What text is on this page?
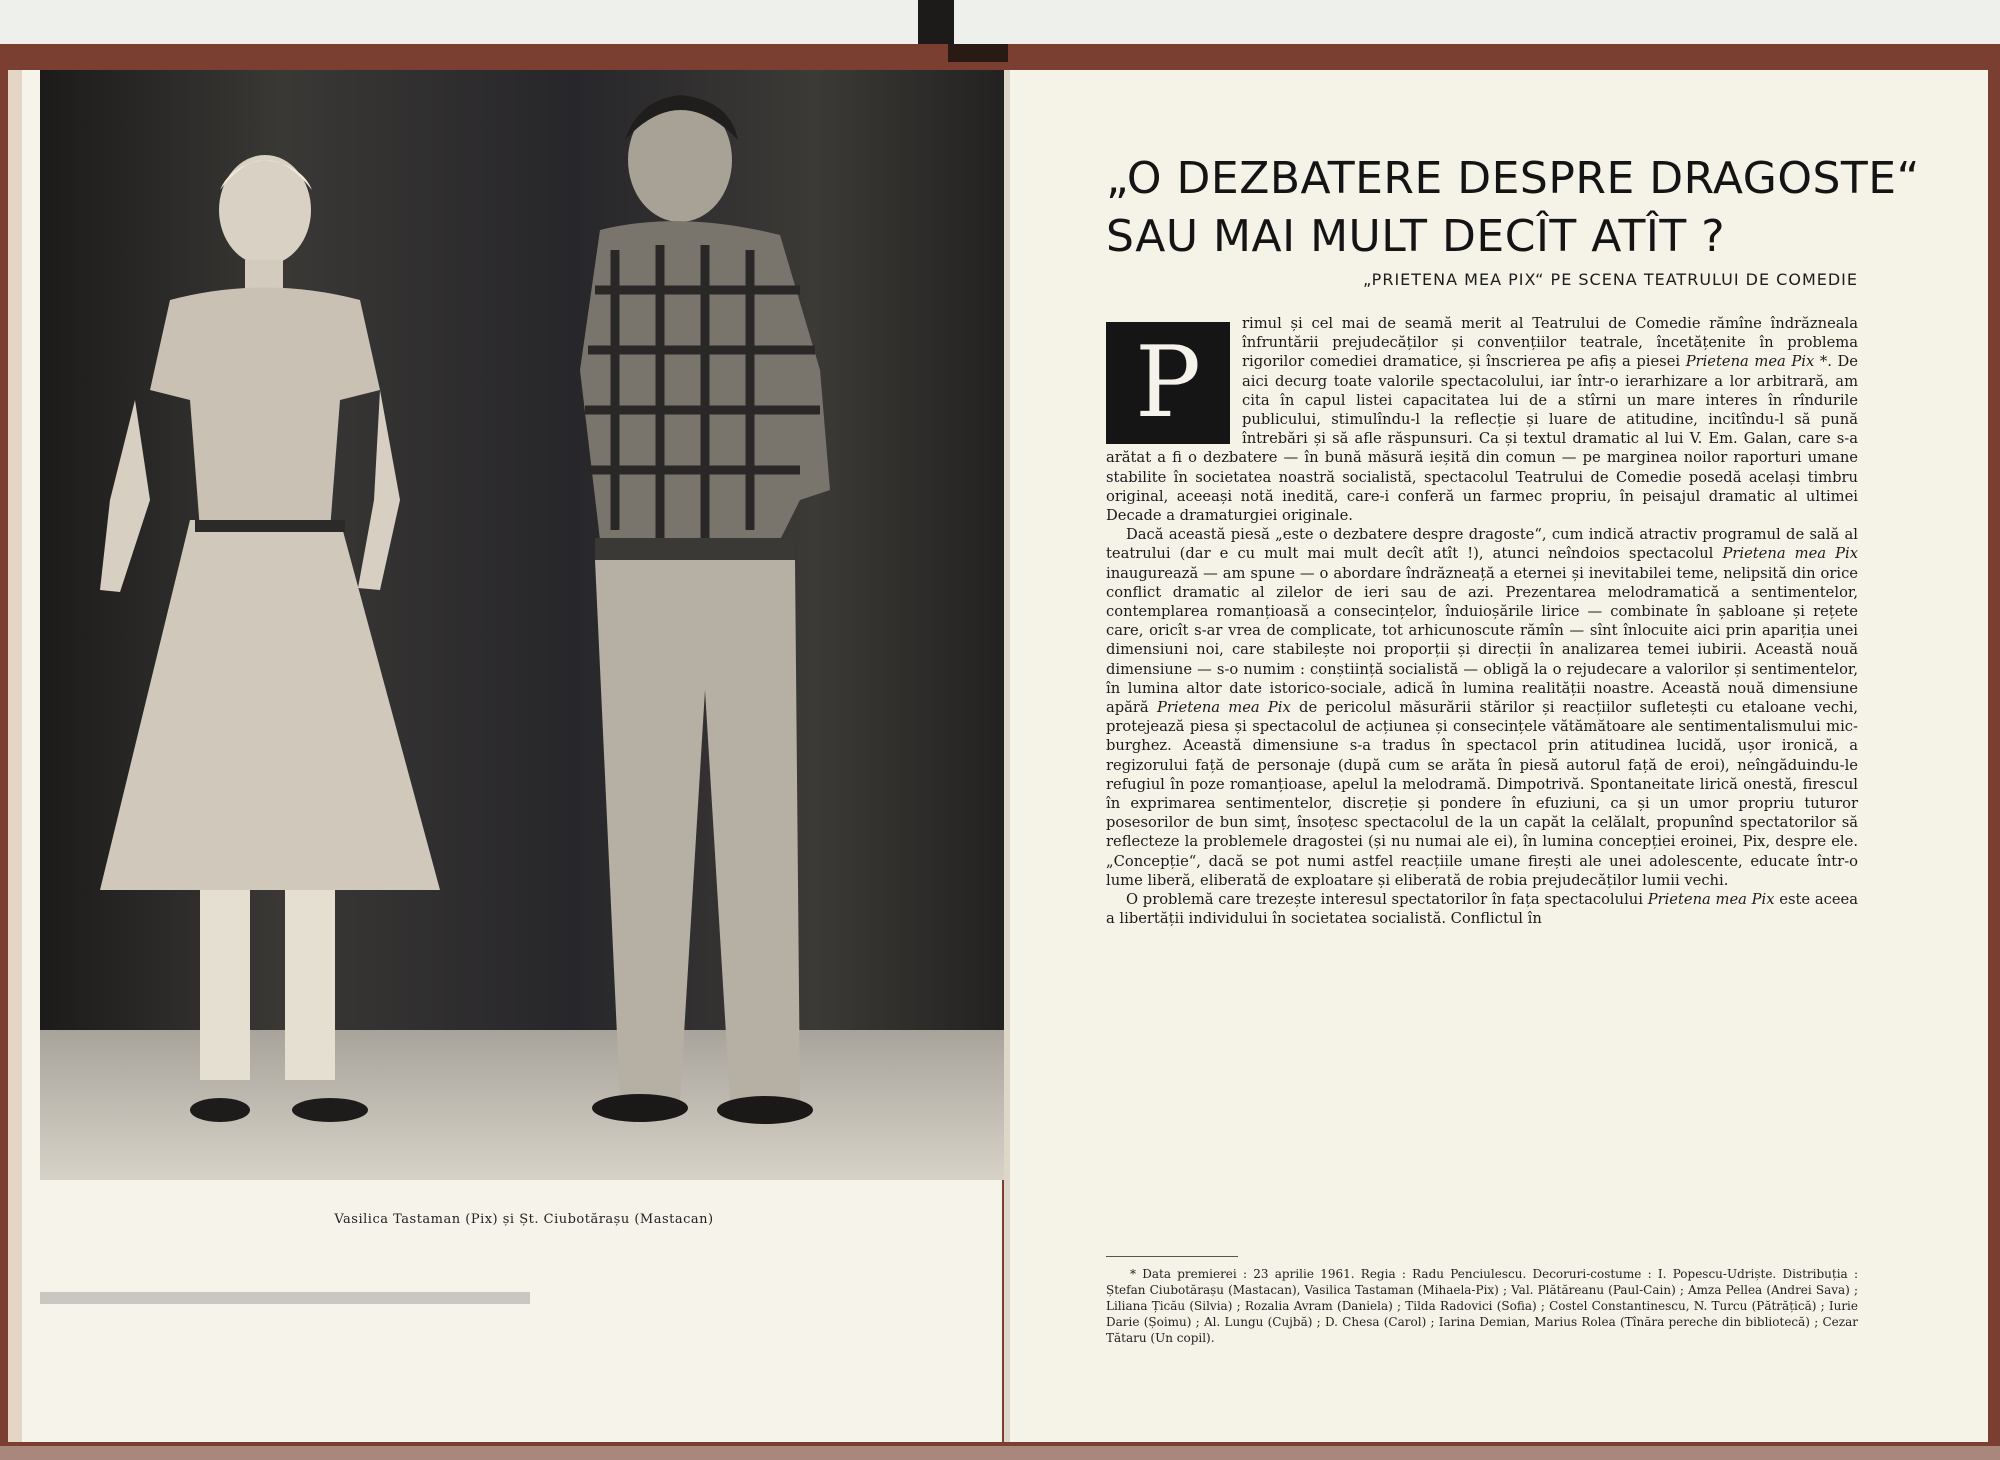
Vasilica Tastaman (Pix) și Șt. Ciubotărașu (Mastacan)
„O DEZBATERE DESPRE DRAGOSTE“
SAU MAI MULT DECÎT ATÎT ?
„PRIETENA MEA PIX“ PE SCENA TEATRULUI DE COMEDIE
P

rimul și cel mai de seamă merit al Teatrului de Comedie rămîne îndrăzneala înfruntării prejudecăților și convențiilor teatrale, încetățenite în problema rigorilor comediei dramatice, și înscrierea pe afiș a piesei Prietena mea Pix *. De aici decurg toate valorile spectacolului, iar într-o ierarhizare a lor arbitrară, am cita în capul listei capacitatea lui de a stîrni un mare interes în rîndurile publicului, stimulîndu-l la reflecție și luare de atitudine, incitîndu-l să pună întrebări și să afle răspunsuri. Ca și textul dramatic al lui V. Em. Galan, care s-a arătat a fi o dezbatere — în bună măsură ieșită din comun — pe marginea noilor raporturi umane stabilite în societatea noastră socialistă, spectacolul Teatrului de Comedie posedă același timbru original, aceeași notă inedită, care-i conferă un farmec propriu, în peisajul dramatic al ultimei Decade a dramaturgiei originale.

Dacă această piesă „este o dezbatere despre dragoste“, cum indică atractiv programul de sală al teatrului (dar e cu mult mai mult decît atît !), atunci neîndoios spectacolul Prietena mea Pix inaugurează — am spune — o abordare îndrăzneață a eternei și inevitabilei teme, nelipsită din orice conflict dramatic al zilelor de ieri sau de azi. Prezentarea melodramatică a sentimentelor, contemplarea romanțioasă a consecințelor, înduioșările lirice — combinate în șabloane și rețete care, oricît s-ar vrea de complicate, tot arhicunoscute rămîn — sînt înlocuite aici prin apariția unei dimensiuni noi, care stabilește noi proporții și direcții în analizarea temei iubirii. Această nouă dimensiune — s-o numim : conștiință socialistă — obligă la o rejudecare a valorilor și sentimentelor, în lumina altor date istorico-sociale, adică în lumina realității noastre. Această nouă dimensiune apără Prietena mea Pix de pericolul măsurării stărilor și reacțiilor sufletești cu etaloane vechi, protejează piesa și spectacolul de acțiunea și consecințele vătămătoare ale sentimentalismului mic-burghez. Această dimensiune s-a tradus în spectacol prin atitudinea lucidă, ușor ironică, a regizorului față de personaje (după cum se arăta în piesă autorul față de eroi), neîngăduindu-le refugiul în poze romanțioase, apelul la melodramă. Dimpotrivă. Spontaneitate lirică onestă, firescul în exprimarea sentimentelor, discreție și pondere în efuziuni, ca și un umor propriu tuturor posesorilor de bun simț, însoțesc spectacolul de la un capăt la celălalt, propunînd spectatorilor să reflecteze la problemele dragostei (și nu numai ale ei), în lumina concepției eroinei, Pix, despre ele. „Concepție“, dacă se pot numi astfel reacțiile umane firești ale unei adolescente, educate într-o lume liberă, eliberată de exploatare și eliberată de robia prejudecăților lumii vechi.

O problemă care trezește interesul spectatorilor în fața spectacolului Prietena mea Pix este aceea a libertății individului în societatea socialistă. Conflictul în

* Data premierei : 23 aprilie 1961. Regia : Radu Penciulescu. Decoruri-costume : I. Popescu-Udriște. Distribuția : Ștefan Ciubotărașu (Mastacan), Vasilica Tastaman (Mihaela-Pix) ; Val. Plătăreanu (Paul-Cain) ; Amza Pellea (Andrei Sava) ; Liliana Țicău (Silvia) ; Rozalia Avram (Daniela) ; Tilda Radovici (Sofia) ; Costel Constantinescu, N. Turcu (Pătrățică) ; Iurie Darie (Șoimu) ; Al. Lungu (Cujbă) ; D. Chesa (Carol) ; Iarina Demian, Marius Rolea (Tînăra pereche din bibliotecă) ; Cezar Tătaru (Un copil).
